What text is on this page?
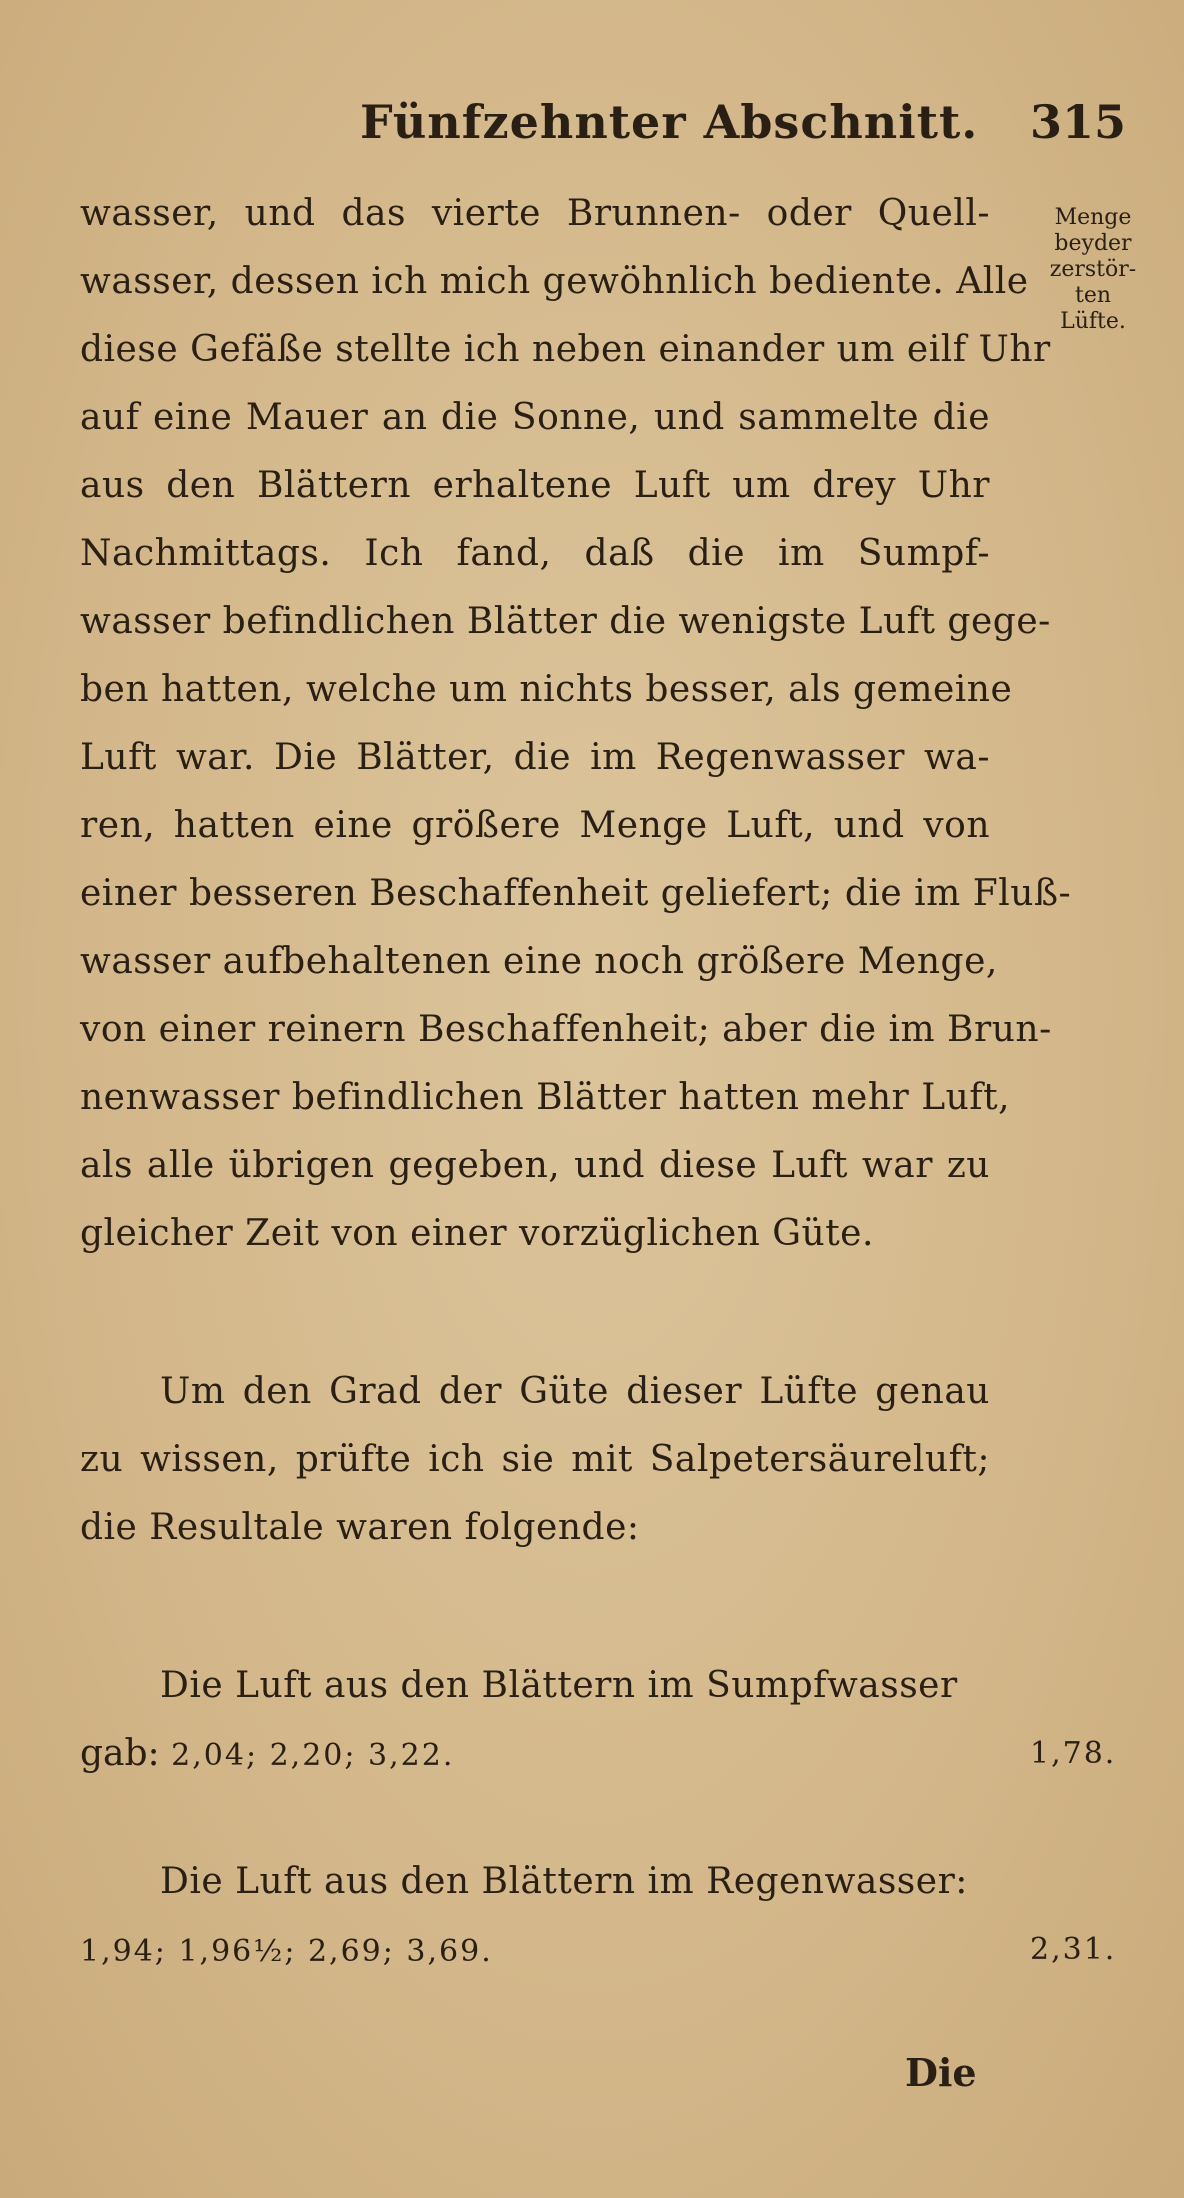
Fünfzehnter Abschnitt. 315
Menge
beyder
zerstör-
ten
Lüfte.
wasser, und das vierte Brunnen- oder Quell-
wasser, dessen ich mich gewöhnlich bediente. Alle
diese Gefäße stellte ich neben einander um eilf Uhr
auf eine Mauer an die Sonne, und sammelte die
aus den Blättern erhaltene Luft um drey Uhr
Nachmittags. Ich fand, daß die im Sumpf-
wasser befindlichen Blätter die wenigste Luft gege-
ben hatten, welche um nichts besser, als gemeine
Luft war. Die Blätter, die im Regenwasser wa-
ren, hatten eine größere Menge Luft, und von
einer besseren Beschaffenheit geliefert; die im Fluß-
wasser aufbehaltenen eine noch größere Menge,
von einer reinern Beschaffenheit; aber die im Brun-
nenwasser befindlichen Blätter hatten mehr Luft,
als alle übrigen gegeben, und diese Luft war zu
gleicher Zeit von einer vorzüglichen Güte.
Um den Grad der Güte dieser Lüfte genau
zu wissen, prüfte ich sie mit Salpetersäureluft;
die Resultale waren folgende:
Die Luft aus den Blättern im Sumpfwasser
gab: 2,04; 2,20; 3,22.	1,78.
Die Luft aus den Blättern im Regenwasser:
1,94; 1,96½; 2,69; 3,69.	2,31.
Die
